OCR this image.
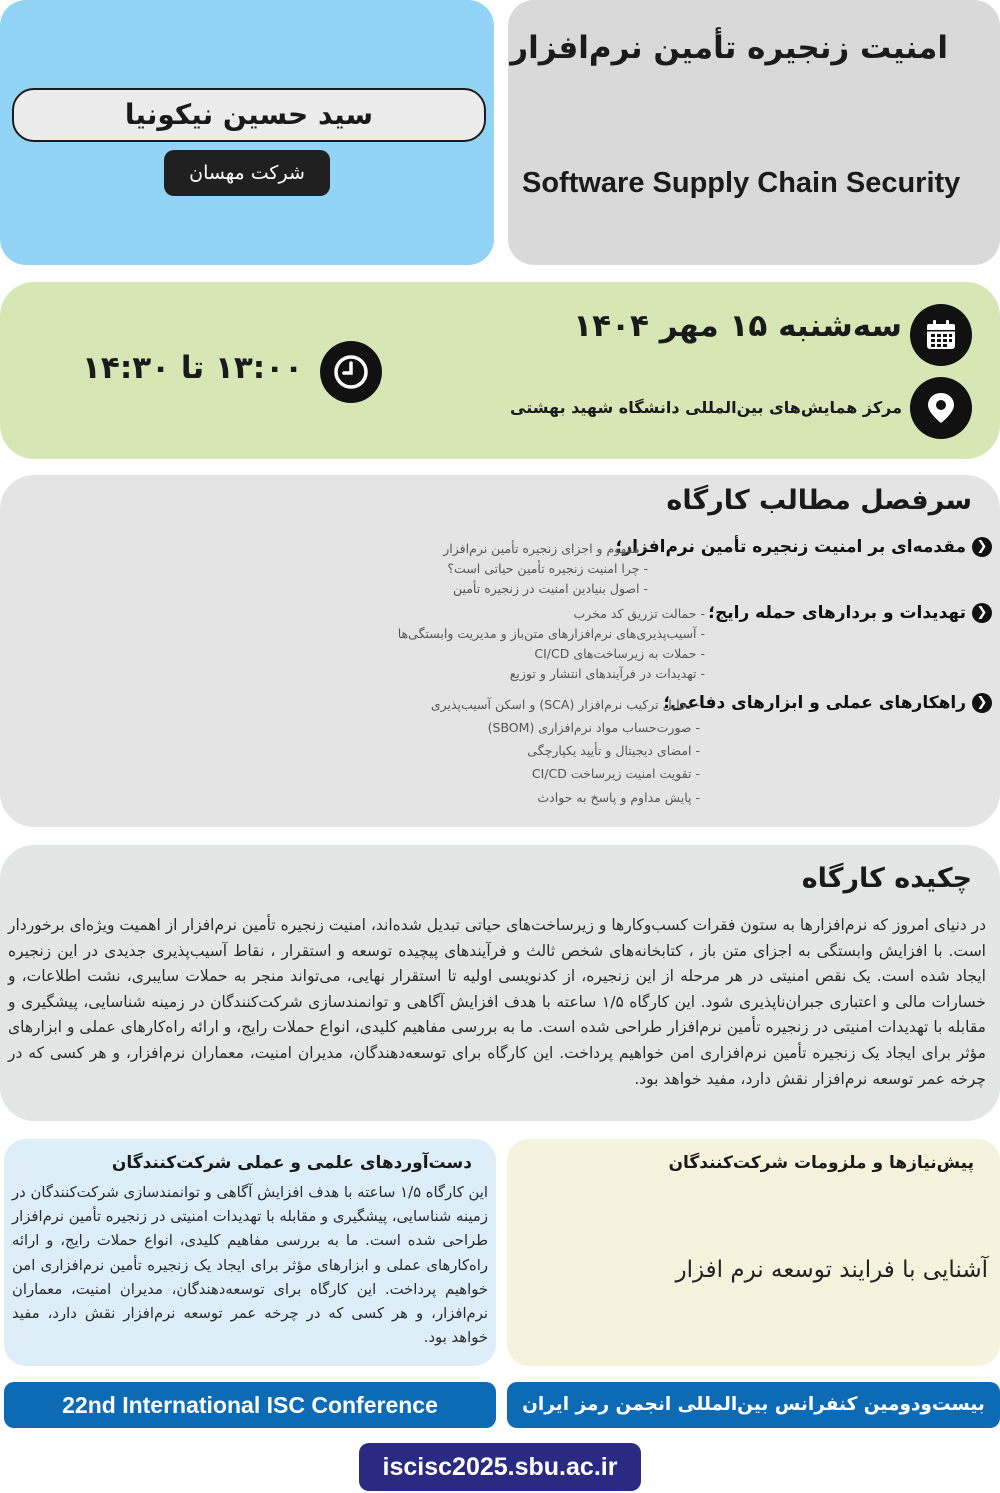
امنیت زنجیره تأمین نرم‌افزار
Software Supply Chain Security
سید حسین نیکونیا
شرکت مهسان
سه‌شنبه ۱۵ مهر ۱۴۰۴
مرکز همایش‌های بین‌المللی دانشگاه شهید بهشتی
۱۳:۰۰ تا ۱۴:۳۰
سرفصل مطالب کارگاه
❮
مقدمه‌ای بر امنیت زنجیره تأمین نرم‌افزار؛
- مفهوم و اجزای زنجیره تأمین نرم‌افزار
- چرا امنیت زنجیره تأمین حیاتی است؟
- اصول بنیادین امنیت در زنجیره تأمین
❮
تهدیدات و بردارهای حمله رایج؛
- حمالت تزریق کد مخرب
- آسیب‌پذیری‌های نرم‌افزارهای متن‌باز و مدیریت وابستگی‌ها
- حملات به زیرساخت‌های CI/CD
- تهدیدات در فرآیندهای انتشار و توزیع
❮
راهکارهای عملی و ابزارهای دفاعی؛
- تحلیل ترکیب نرم‌افزار (SCA) و اسکن آسیب‌پذیری
- صورت‌حساب مواد نرم‌افزاری (SBOM)
- امضای دیجیتال و تأیید یکپارچگی
- تقویت امنیت زیرساخت CI/CD
- پایش مداوم و پاسخ به حوادث
چکیده کارگاه
در دنیای امروز که نرم‌افزارها به ستون فقرات کسب‌وکارها و زیرساخت‌های حیاتی تبدیل شده‌اند، امنیت زنجیره تأمین نرم‌افزار از اهمیت ویژه‌ای برخوردار است. با افزایش وابستگی به اجزای متن باز ، کتابخانه‌های شخص ثالث و فرآیندهای پیچیده توسعه و استقرار ، نقاط آسیب‌پذیری جدیدی در این زنجیره ایجاد شده است. یک نقص امنیتی در هر مرحله از این زنجیره، از کدنویسی اولیه تا استقرار نهایی، می‌تواند منجر به حملات سایبری، نشت اطلاعات، و خسارات مالی و اعتباری جبران‌ناپذیری شود. این کارگاه ۱/۵ ساعته با هدف افزایش آگاهی و توانمندسازی شرکت‌کنندگان در زمینه شناسایی، پیشگیری و مقابله با تهدیدات امنیتی در زنجیره تأمین نرم‌افزار طراحی شده است. ما به بررسی مفاهیم کلیدی، انواع حملات رایج، و ارائه راه‌کارهای عملی و ابزارهای مؤثر برای ایجاد یک زنجیره تأمین نرم‌افزاری امن خواهیم پرداخت. این کارگاه برای توسعه‌دهندگان، مدیران امنیت، معماران نرم‌افزار، و هر کسی که در چرخه عمر توسعه نرم‌افزار نقش دارد، مفید خواهد بود.
دست‌آوردهای علمی و عملی شرکت‌کنندگان
این کارگاه ۱/۵ ساعته با هدف افزایش آگاهی و توانمندسازی شرکت‌کنندگان در زمینه شناسایی، پیشگیری و مقابله با تهدیدات امنیتی در زنجیره تأمین نرم‌افزار طراحی شده است. ما به بررسی مفاهیم کلیدی، انواع حملات رایج، و ارائه راه‌کارهای عملی و ابزارهای مؤثر برای ایجاد یک زنجیره تأمین نرم‌افزاری امن خواهیم پرداخت. این کارگاه برای توسعه‌دهندگان، مدیران امنیت، معماران نرم‌افزار، و هر کسی که در چرخه عمر توسعه نرم‌افزار نقش دارد، مفید خواهد بود.
پیش‌نیازها و ملزومات شرکت‌کنندگان
آشنایی با فرایند توسعه نرم افزار
22nd International ISC Conference	بیست‌ودومین کنفرانس بین‌المللی انجمن رمز ایران
iscisc2025.sbu.ac.ir
